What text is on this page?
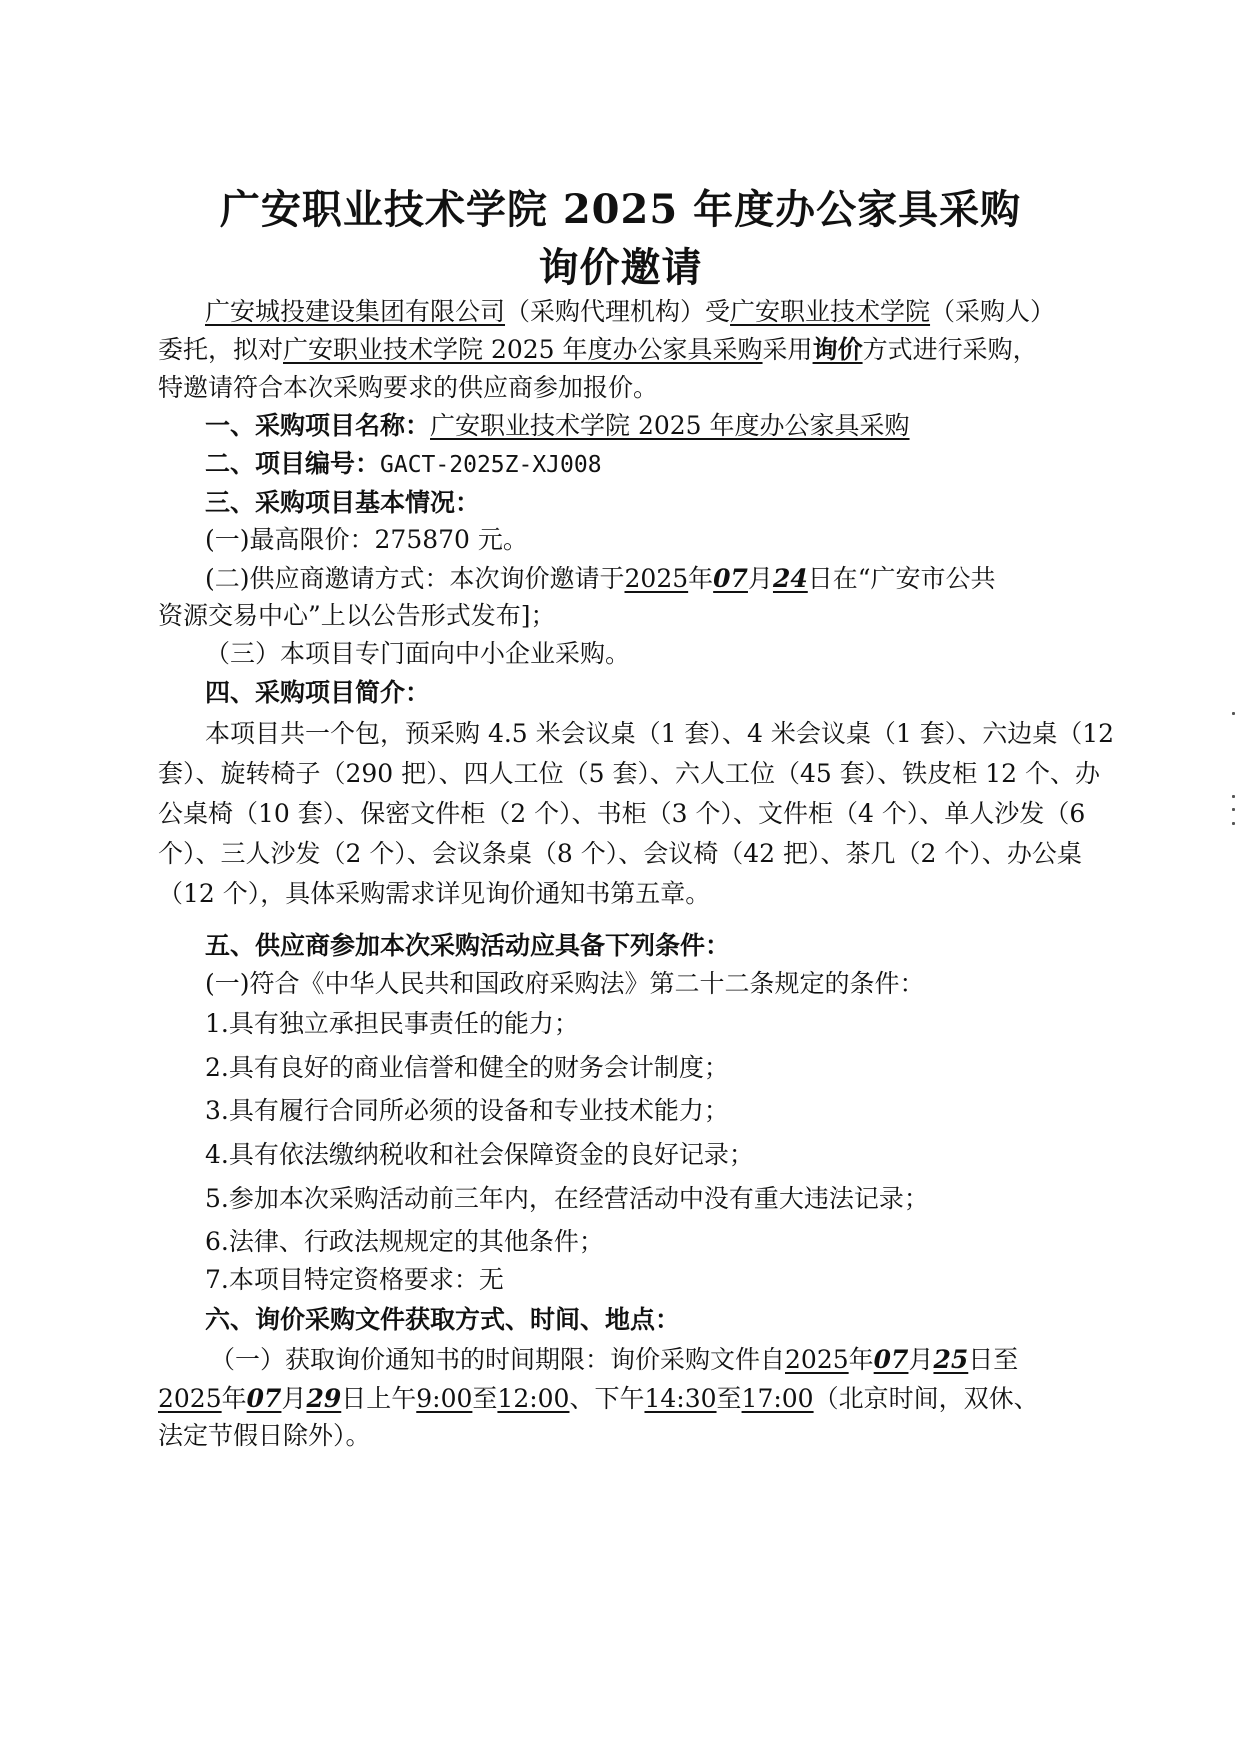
广安职业技术学院 2025 年度办公家具采购
询价邀请
广安城投建设集团有限公司（采购代理机构）受广安职业技术学院（采购人）
委托，拟对广安职业技术学院 2025 年度办公家具采购采用询价方式进行采购，
特邀请符合本次采购要求的供应商参加报价。
一、采购项目名称：广安职业技术学院 2025 年度办公家具采购
二、项目编号：GACT-2025Z-XJ008
三、采购项目基本情况：
(一)最高限价：275870 元。
(二)供应商邀请方式：本次询价邀请于2025年07月24日在“广安市公共
资源交易中心”上以公告形式发布]；
（三）本项目专门面向中小企业采购。
四、采购项目简介：
本项目共一个包，预采购 4.5 米会议桌（1 套）、4 米会议桌（1 套）、六边桌（12
套）、旋转椅子（290 把）、四人工位（5 套）、六人工位（45 套）、铁皮柜 12 个、办
公桌椅（10 套）、保密文件柜（2 个）、书柜（3 个）、文件柜（4 个）、单人沙发（6
个）、三人沙发（2 个）、会议条桌（8 个）、会议椅（42 把）、茶几（2 个）、办公桌
（12 个），具体采购需求详见询价通知书第五章。
五、供应商参加本次采购活动应具备下列条件：
(一)符合《中华人民共和国政府采购法》第二十二条规定的条件：
1.具有独立承担民事责任的能力；
2.具有良好的商业信誉和健全的财务会计制度；
3.具有履行合同所必须的设备和专业技术能力；
4.具有依法缴纳税收和社会保障资金的良好记录；
5.参加本次采购活动前三年内，在经营活动中没有重大违法记录；
6.法律、行政法规规定的其他条件；
7.本项目特定资格要求：无
六、询价采购文件获取方式、时间、地点：
（一）获取询价通知书的时间期限：询价采购文件自2025年07月25日至
2025年07月29日上午9:00至12:00、下午14:30至17:00（北京时间，双休、
法定节假日除外）。
